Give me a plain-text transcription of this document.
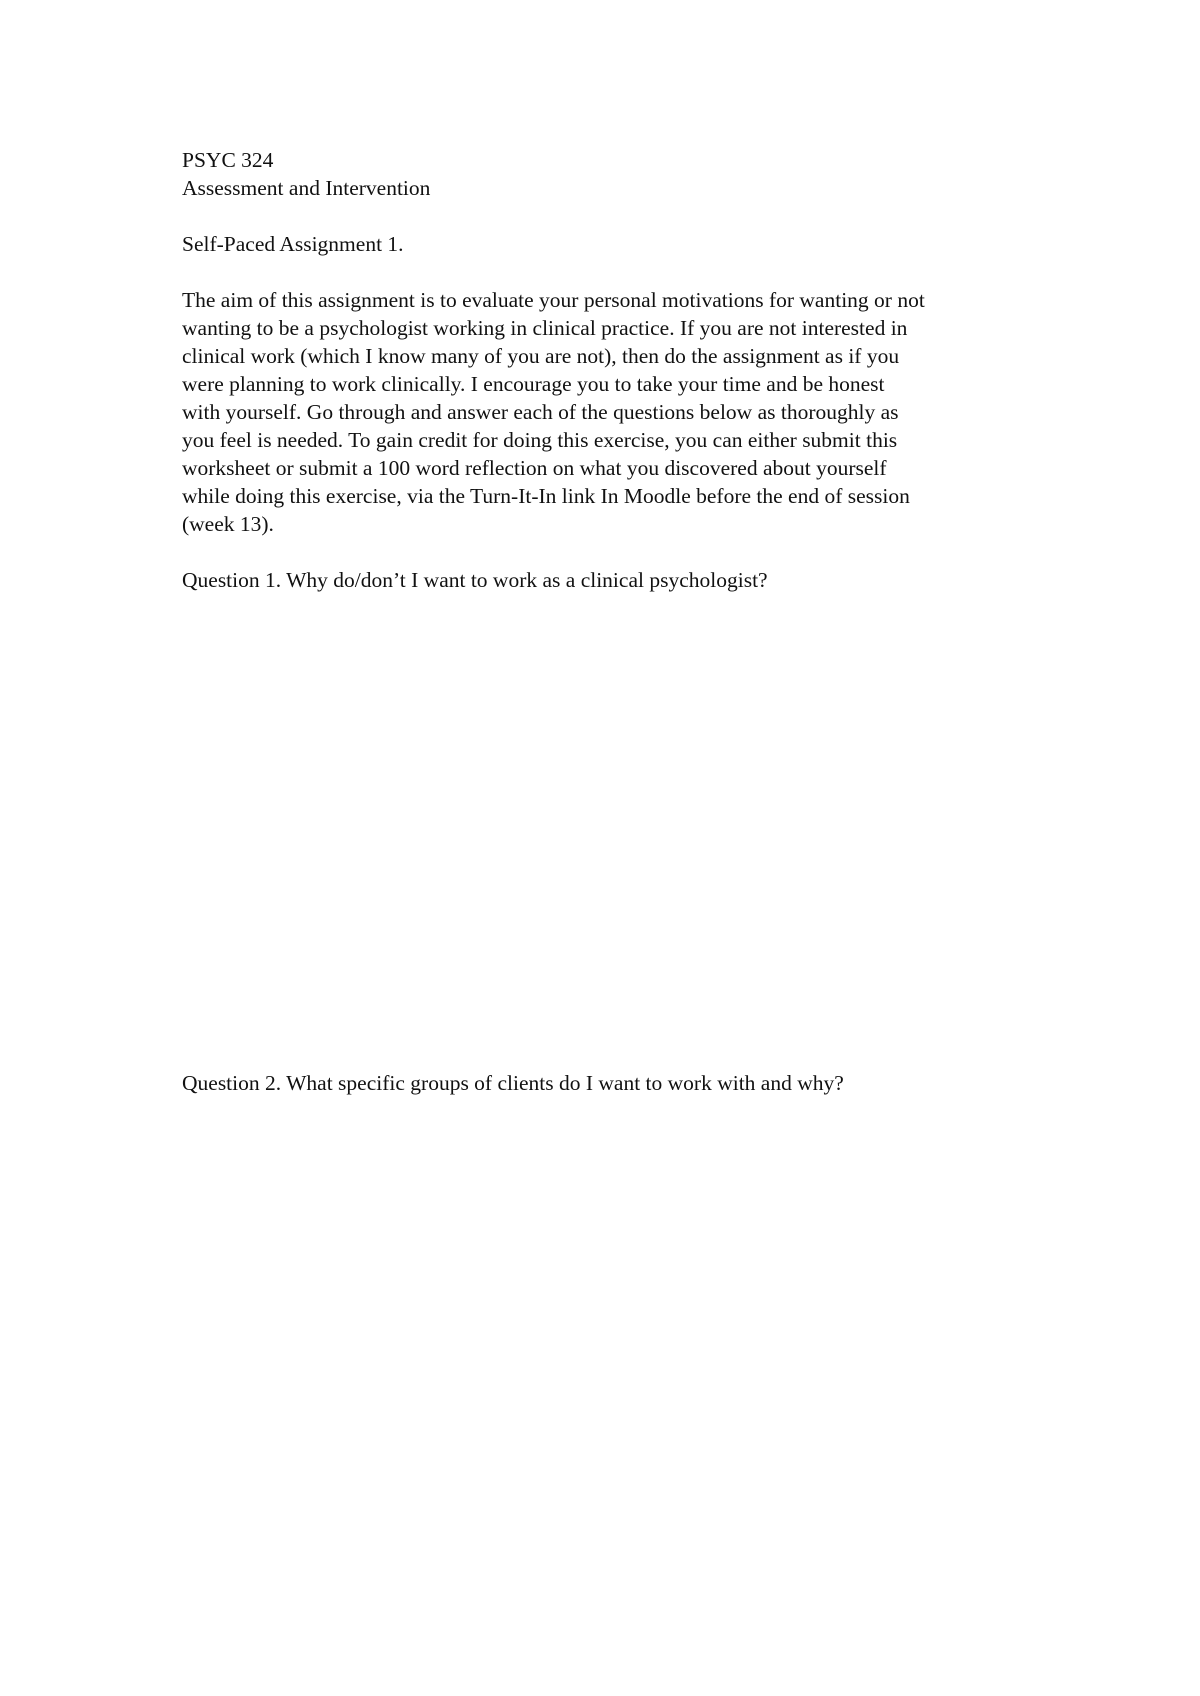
PSYC 324
Assessment and Intervention
Self-Paced Assignment 1.
The aim of this assignment is to evaluate your personal motivations for wanting or not
wanting to be a psychologist working in clinical practice. If you are not interested in
clinical work (which I know many of you are not), then do the assignment as if you
were planning to work clinically. I encourage you to take your time and be honest
with yourself. Go through and answer each of the questions below as thoroughly as
you feel is needed. To gain credit for doing this exercise, you can either submit this
worksheet or submit a 100 word reflection on what you discovered about yourself
while doing this exercise, via the Turn-It-In link In Moodle before the end of session
(week 13).
Question 1. Why do/don’t I want to work as a clinical psychologist?
Question 2. What specific groups of clients do I want to work with and why?
